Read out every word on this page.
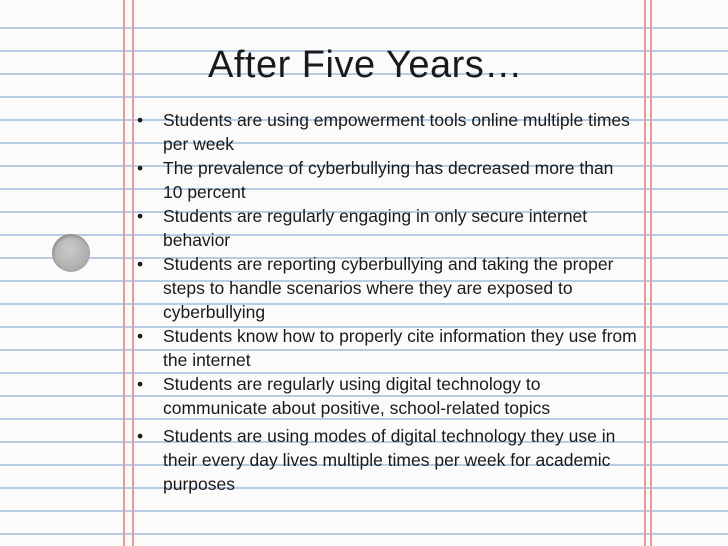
After Five Years…
• Students are using empowerment tools online multiple times per week
• The prevalence of cyberbullying has decreased more than 10 percent
• Students are regularly engaging in only secure internet behavior
• Students are reporting cyberbullying and taking the proper steps to handle scenarios where they are exposed to cyberbullying
• Students know how to properly cite information they use from the internet
• Students are regularly using digital technology to communicate about positive, school-related topics
• Students are using modes of digital technology they use in their every day lives multiple times per week for academic purposes
